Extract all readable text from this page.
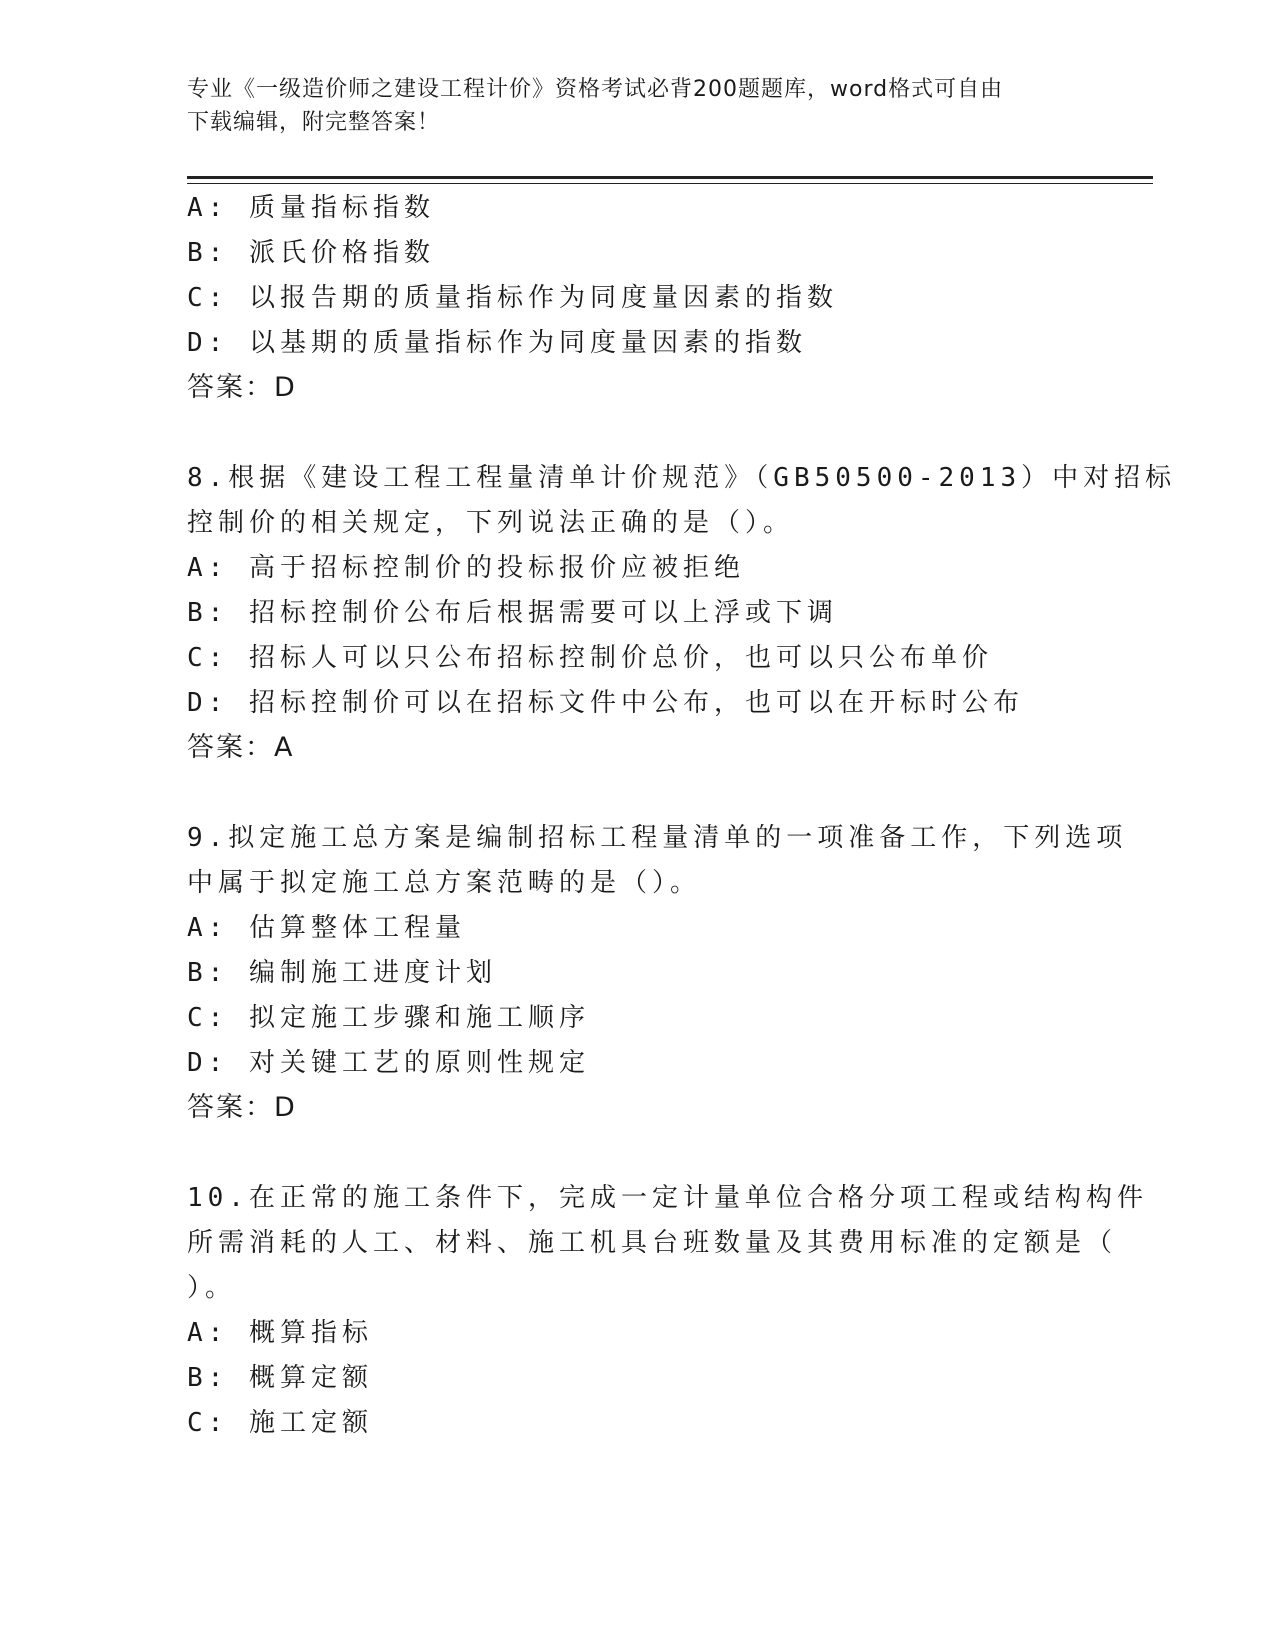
专业《一级造价师之建设工程计价》资格考试必背200题题库，word格式可自由
下载编辑，附完整答案！
A: 质量指标指数
B: 派氏价格指数
C: 以报告期的质量指标作为同度量因素的指数
D: 以基期的质量指标作为同度量因素的指数
答案：D
8.根据《建设工程工程量清单计价规范》（GB50500-2013）中对招标
控制价的相关规定，下列说法正确的是（）。
A: 高于招标控制价的投标报价应被拒绝
B: 招标控制价公布后根据需要可以上浮或下调
C: 招标人可以只公布招标控制价总价，也可以只公布单价
D: 招标控制价可以在招标文件中公布，也可以在开标时公布
答案：A
9.拟定施工总方案是编制招标工程量清单的一项准备工作，下列选项
中属于拟定施工总方案范畴的是（）。
A: 估算整体工程量
B: 编制施工进度计划
C: 拟定施工步骤和施工顺序
D: 对关键工艺的原则性规定
答案：D
10.在正常的施工条件下，完成一定计量单位合格分项工程或结构构件
所需消耗的人工、材料、施工机具台班数量及其费用标准的定额是（
）。
A: 概算指标
B: 概算定额
C: 施工定额
